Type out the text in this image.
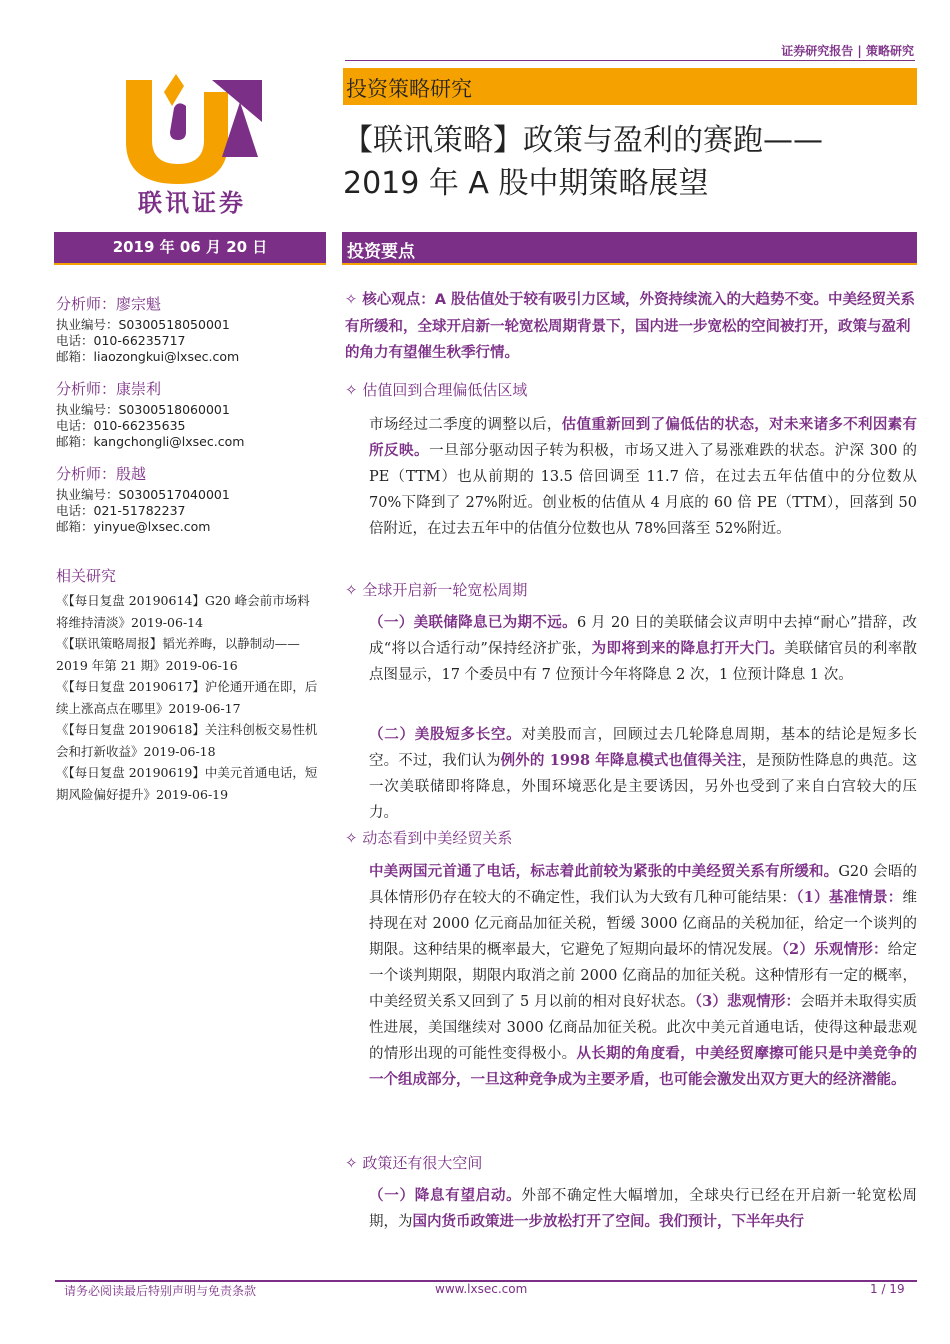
证券研究报告 | 策略研究
联讯证券
投资策略研究
【联讯策略】政策与盈利的赛跑——
2019 年 A 股中期策略展望
2019 年 06 月 20 日	投资要点
分析师：廖宗魁
执业编号：S0300518050001
电话：010-66235717
邮箱：liaozongkui@lxsec.com
分析师：康崇利
执业编号：S0300518060001
电话：010-66235635
邮箱：kangchongli@lxsec.com
分析师：殷越
执业编号：S0300517040001
电话：021-51782237
邮箱：yinyue@lxsec.com
相关研究
《【每日复盘 20190614】G20 峰会前市场料将维持清淡》2019-06-14
《【联讯策略周报】韬光养晦，以静制动——2019 年第 21 期》2019-06-16
《【每日复盘 20190617】沪伦通开通在即，后续上涨高点在哪里》2019-06-17
《【每日复盘 20190618】关注科创板交易性机会和打新收益》2019-06-18
《【每日复盘 20190619】中美元首通电话，短期风险偏好提升》2019-06-19
✧ 核心观点：A 股估值处于较有吸引力区域，外资持续流入的大趋势不变。中美经贸关系有所缓和，全球开启新一轮宽松周期背景下，国内进一步宽松的空间被打开，政策与盈利的角力有望催生秋季行情。
✧ 估值回到合理偏低估区域
市场经过二季度的调整以后，估值重新回到了偏低估的状态，对未来诸多不利因素有所反映。一旦部分驱动因子转为积极，市场又进入了易涨难跌的状态。沪深 300 的 PE（TTM）也从前期的 13.5 倍回调至 11.7 倍，在过去五年估值中的分位数从 70%下降到了 27%附近。创业板的估值从 4 月底的 60 倍 PE（TTM），回落到 50 倍附近，在过去五年中的估值分位数也从 78%回落至 52%附近。
✧ 全球开启新一轮宽松周期
（一）美联储降息已为期不远。6 月 20 日的美联储会议声明中去掉“耐心”措辞，改成“将以合适行动”保持经济扩张，为即将到来的降息打开大门。美联储官员的利率散点图显示，17 个委员中有 7 位预计今年将降息 2 次，1 位预计降息 1 次。
（二）美股短多长空。对美股而言，回顾过去几轮降息周期，基本的结论是短多长空。不过，我们认为例外的 1998 年降息模式也值得关注，是预防性降息的典范。这一次美联储即将降息，外围环境恶化是主要诱因，另外也受到了来自白宫较大的压力。
✧ 动态看到中美经贸关系
中美两国元首通了电话，标志着此前较为紧张的中美经贸关系有所缓和。G20 会晤的具体情形仍存在较大的不确定性，我们认为大致有几种可能结果：（1）基准情景：维持现在对 2000 亿元商品加征关税，暂缓 3000 亿商品的关税加征，给定一个谈判的期限。这种结果的概率最大，它避免了短期向最坏的情况发展。（2）乐观情形：给定一个谈判期限，期限内取消之前 2000 亿商品的加征关税。这种情形有一定的概率，中美经贸关系又回到了 5 月以前的相对良好状态。（3）悲观情形：会晤并未取得实质性进展，美国继续对 3000 亿商品加征关税。此次中美元首通电话，使得这种最悲观的情形出现的可能性变得极小。从长期的角度看，中美经贸摩擦可能只是中美竞争的一个组成部分，一旦这种竞争成为主要矛盾，也可能会激发出双方更大的经济潜能。
✧ 政策还有很大空间
（一）降息有望启动。外部不确定性大幅增加，全球央行已经在开启新一轮宽松周期，为国内货币政策进一步放松打开了空间。我们预计，下半年央行
请务必阅读最后特别声明与免责条款	www.lxsec.com	1 / 19
